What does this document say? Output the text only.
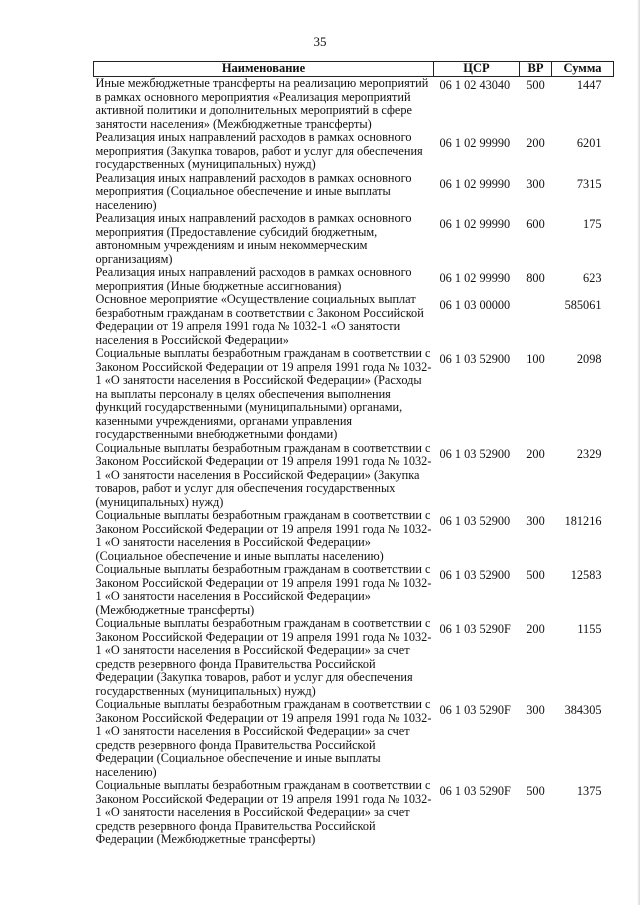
35
Наименование	ЦСР	ВР	Сумма
Иные межбюджетные трансферты на реализацию мероприятий в рамках основного мероприятия «Реализация мероприятий активной политики и дополнительных мероприятий в сфере занятости населения» (Межбюджетные трансферты)	06 1 02 43040	500	1447
Реализация иных направлений расходов в рамках основного мероприятия (Закупка товаров, работ и услуг для обеспечения государственных (муниципальных) нужд)	06 1 02 99990	200	6201
Реализация иных направлений расходов в рамках основного мероприятия (Социальное обеспечение и иные выплаты населению)	06 1 02 99990	300	7315
Реализация иных направлений расходов в рамках основного мероприятия (Предоставление субсидий бюджетным, автономным учреждениям и иным некоммерческим организациям)	06 1 02 99990	600	175
Реализация иных направлений расходов в рамках основного мероприятия (Иные бюджетные ассигнования)	06 1 02 99990	800	623
Основное мероприятие «Осуществление социальных выплат безработным гражданам в соответствии с Законом Российской Федерации от 19 апреля 1991 года № 1032-1 «О занятости населения в Российской Федерации»	06 1 03 00000		585061
Социальные выплаты безработным гражданам в соответствии с Законом Российской Федерации от 19 апреля 1991 года № 1032-1 «О занятости населения в Российской Федерации» (Расходы на выплаты персоналу в целях обеспечения выполнения функций государственными (муниципальными) органами, казенными учреждениями, органами управления государственными внебюджетными фондами)	06 1 03 52900	100	2098
Социальные выплаты безработным гражданам в соответствии с Законом Российской Федерации от 19 апреля 1991 года № 1032-1 «О занятости населения в Российской Федерации» (Закупка товаров, работ и услуг для обеспечения государственных (муниципальных) нужд)	06 1 03 52900	200	2329
Социальные выплаты безработным гражданам в соответствии с Законом Российской Федерации от 19 апреля 1991 года № 1032-1 «О занятости населения в Российской Федерации» (Социальное обеспечение и иные выплаты населению)	06 1 03 52900	300	181216
Социальные выплаты безработным гражданам в соответствии с Законом Российской Федерации от 19 апреля 1991 года № 1032-1 «О занятости населения в Российской Федерации» (Межбюджетные трансферты)	06 1 03 52900	500	12583
Социальные выплаты безработным гражданам в соответствии с Законом Российской Федерации от 19 апреля 1991 года № 1032-1 «О занятости населения в Российской Федерации» за счет средств резервного фонда Правительства Российской Федерации (Закупка товаров, работ и услуг для обеспечения государственных (муниципальных) нужд)	06 1 03 5290F	200	1155
Социальные выплаты безработным гражданам в соответствии с Законом Российской Федерации от 19 апреля 1991 года № 1032-1 «О занятости населения в Российской Федерации» за счет средств резервного фонда Правительства Российской Федерации (Социальное обеспечение и иные выплаты населению)	06 1 03 5290F	300	384305
Социальные выплаты безработным гражданам в соответствии с Законом Российской Федерации от 19 апреля 1991 года № 1032-1 «О занятости населения в Российской Федерации» за счет средств резервного фонда Правительства Российской Федерации (Межбюджетные трансферты)	06 1 03 5290F	500	1375
